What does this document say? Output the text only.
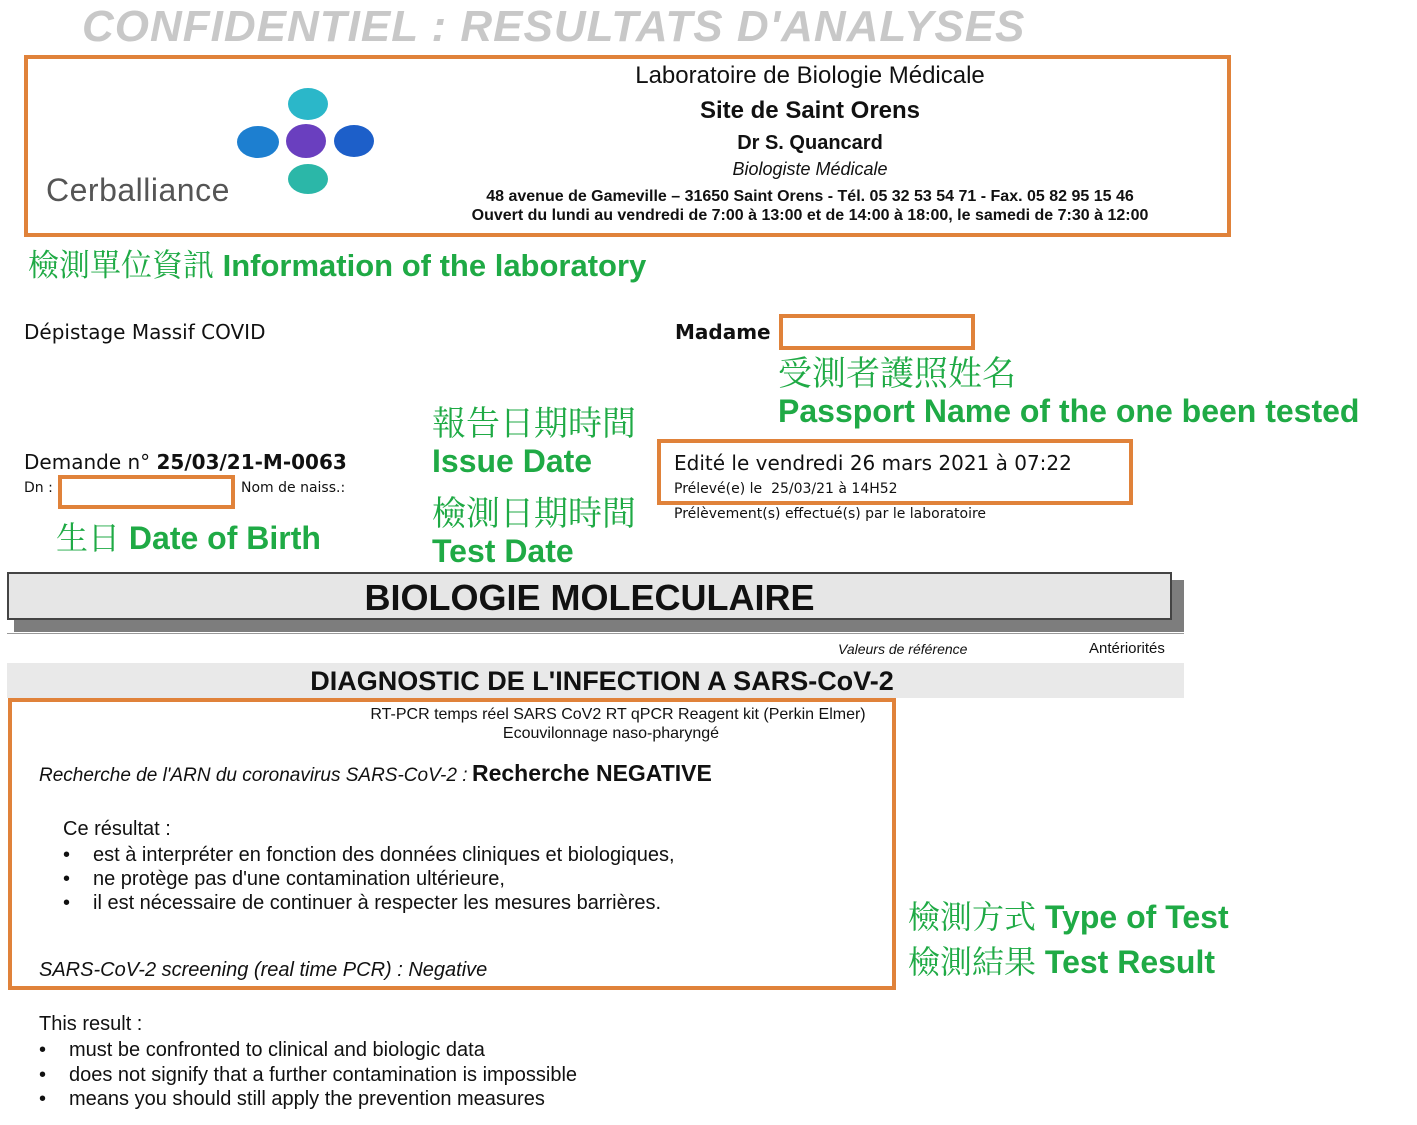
CONFIDENTIEL : RESULTATS D'ANALYSES
Cerballiance
Laboratoire de Biologie Médicale
Site de Saint Orens
Dr S. Quancard
Biologiste Médicale
48 avenue de Gameville – 31650 Saint Orens - Tél. 05 32 53 54 71 - Fax. 05 82 95 15 46
Ouvert du lundi au vendredi de 7:00 à 13:00 et de 14:00 à 18:00, le samedi de 7:30 à 12:00
檢測單位資訊 Information of the laboratory
Dépistage Massif COVID	Madame
受測者護照姓名
Passport Name of the one been tested
報告日期時間
Issue Date
檢測日期時間
Test Date
Demande n° 25/03/21-M-0063
Dn :	Nom de naiss.:
生日 Date of Birth
Edité le vendredi 26 mars 2021 à 07:22
Prélevé(e) le 25/03/21 à 14H52
Prélèvement(s) effectué(s) par le laboratoire
BIOLOGIE MOLECULAIRE
Valeurs de référence	Antériorités
DIAGNOSTIC DE L'INFECTION A SARS-CoV-2
RT-PCR temps réel SARS CoV2 RT qPCR Reagent kit (Perkin Elmer)
Ecouvilonnage naso-pharyngé
Recherche de l'ARN du coronavirus SARS-CoV-2 : Recherche NEGATIVE
Ce résultat :
• est à interpréter en fonction des données cliniques et biologiques,
• ne protège pas d'une contamination ultérieure,
• il est nécessaire de continuer à respecter les mesures barrières.
SARS-CoV-2 screening (real time PCR) : Negative
檢測方式 Type of Test
檢測結果 Test Result
This result :
• must be confronted to clinical and biologic data
• does not signify that a further contamination is impossible
• means you should still apply the prevention measures
